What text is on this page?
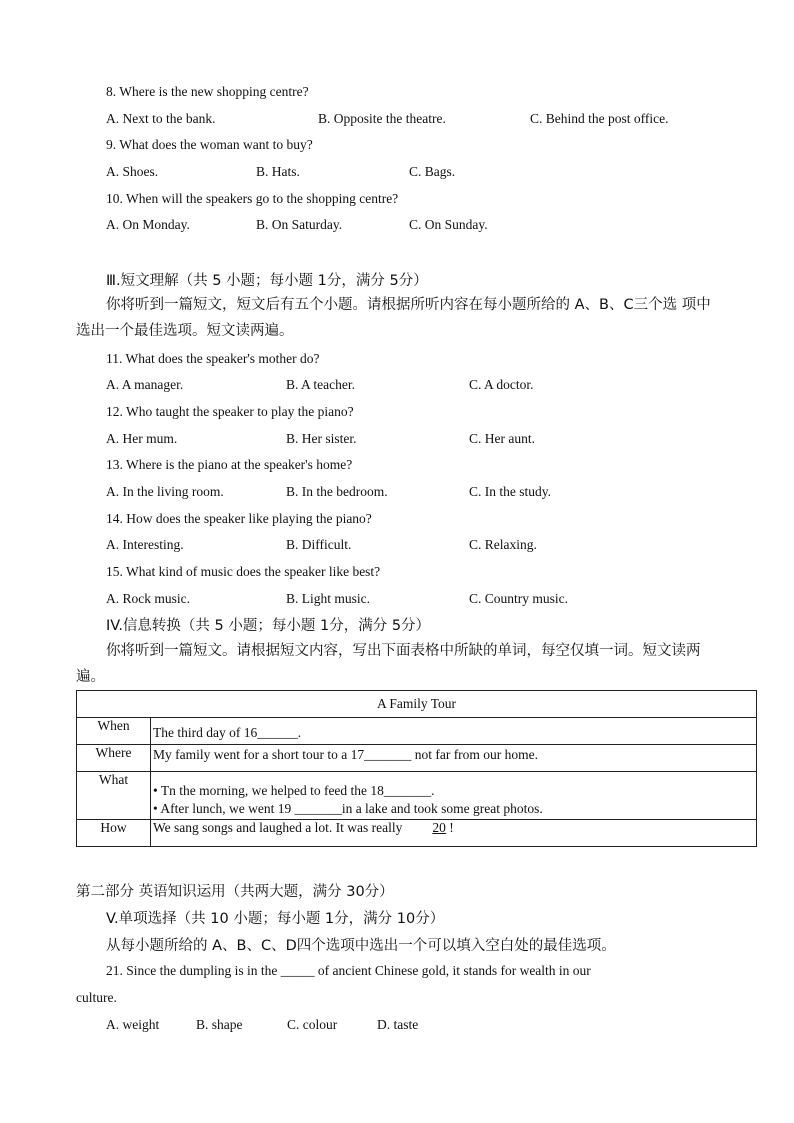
8. Where is the new shopping centre?
A. Next to the bank.	B. Opposite the theatre.	C. Behind the post office.
9. What does the woman want to buy?
A. Shoes.	B. Hats.	C. Bags.
10. When will the speakers go to the shopping centre?
A. On Monday.	B. On Saturday.	C. On Sunday.
Ⅲ.短文理解（共 5 小题；每小题 1分，满分 5分）
你将听到一篇短文，短文后有五个小题。请根据所听内容在每小题所给的 A、B、C三个选 项中选出一个最佳选项。短文读两遍。
11. What does the speaker's mother do?
A. A manager.	B. A teacher.	C. A doctor.
12. Who taught the speaker to play the piano?
A. Her mum.	B. Her sister.	C. Her aunt.
13. Where is the piano at the speaker's home?
A. In the living room.	B. In the bedroom.	C. In the study.
14. How does the speaker like playing the piano?
A. Interesting.	B. Difficult.	C. Relaxing.
15. What kind of music does the speaker like best?
A. Rock music.	B. Light music.	C. Country music.
IV.信息转换（共 5 小题；每小题 1分，满分 5分）
你将听到一篇短文。请根据短文内容，写出下面表格中所缺的单词，每空仅填一词。短文读两遍。
A Family Tour	
When	The third day of 16______.
Where	My family went for a short tour to a 17_______ not far from our home.
What	• Tn the morning, we helped to feed the 18_______.
• After lunch, we went 19 _______in a lake and took some great photos.

How	We sang songs and laughed a lot. It was really 20 !
第二部分 英语知识运用（共两大题，满分 30分）
V.单项选择（共 10 小题；每小题 1分，满分 10分）
从每小题所给的 A、B、C、D四个选项中选出一个可以填入空白处的最佳选项。
21. Since the dumpling is in the _____ of ancient Chinese gold, it stands for wealth in our
culture.
A. weight	B. shape	C. colour	D. taste
